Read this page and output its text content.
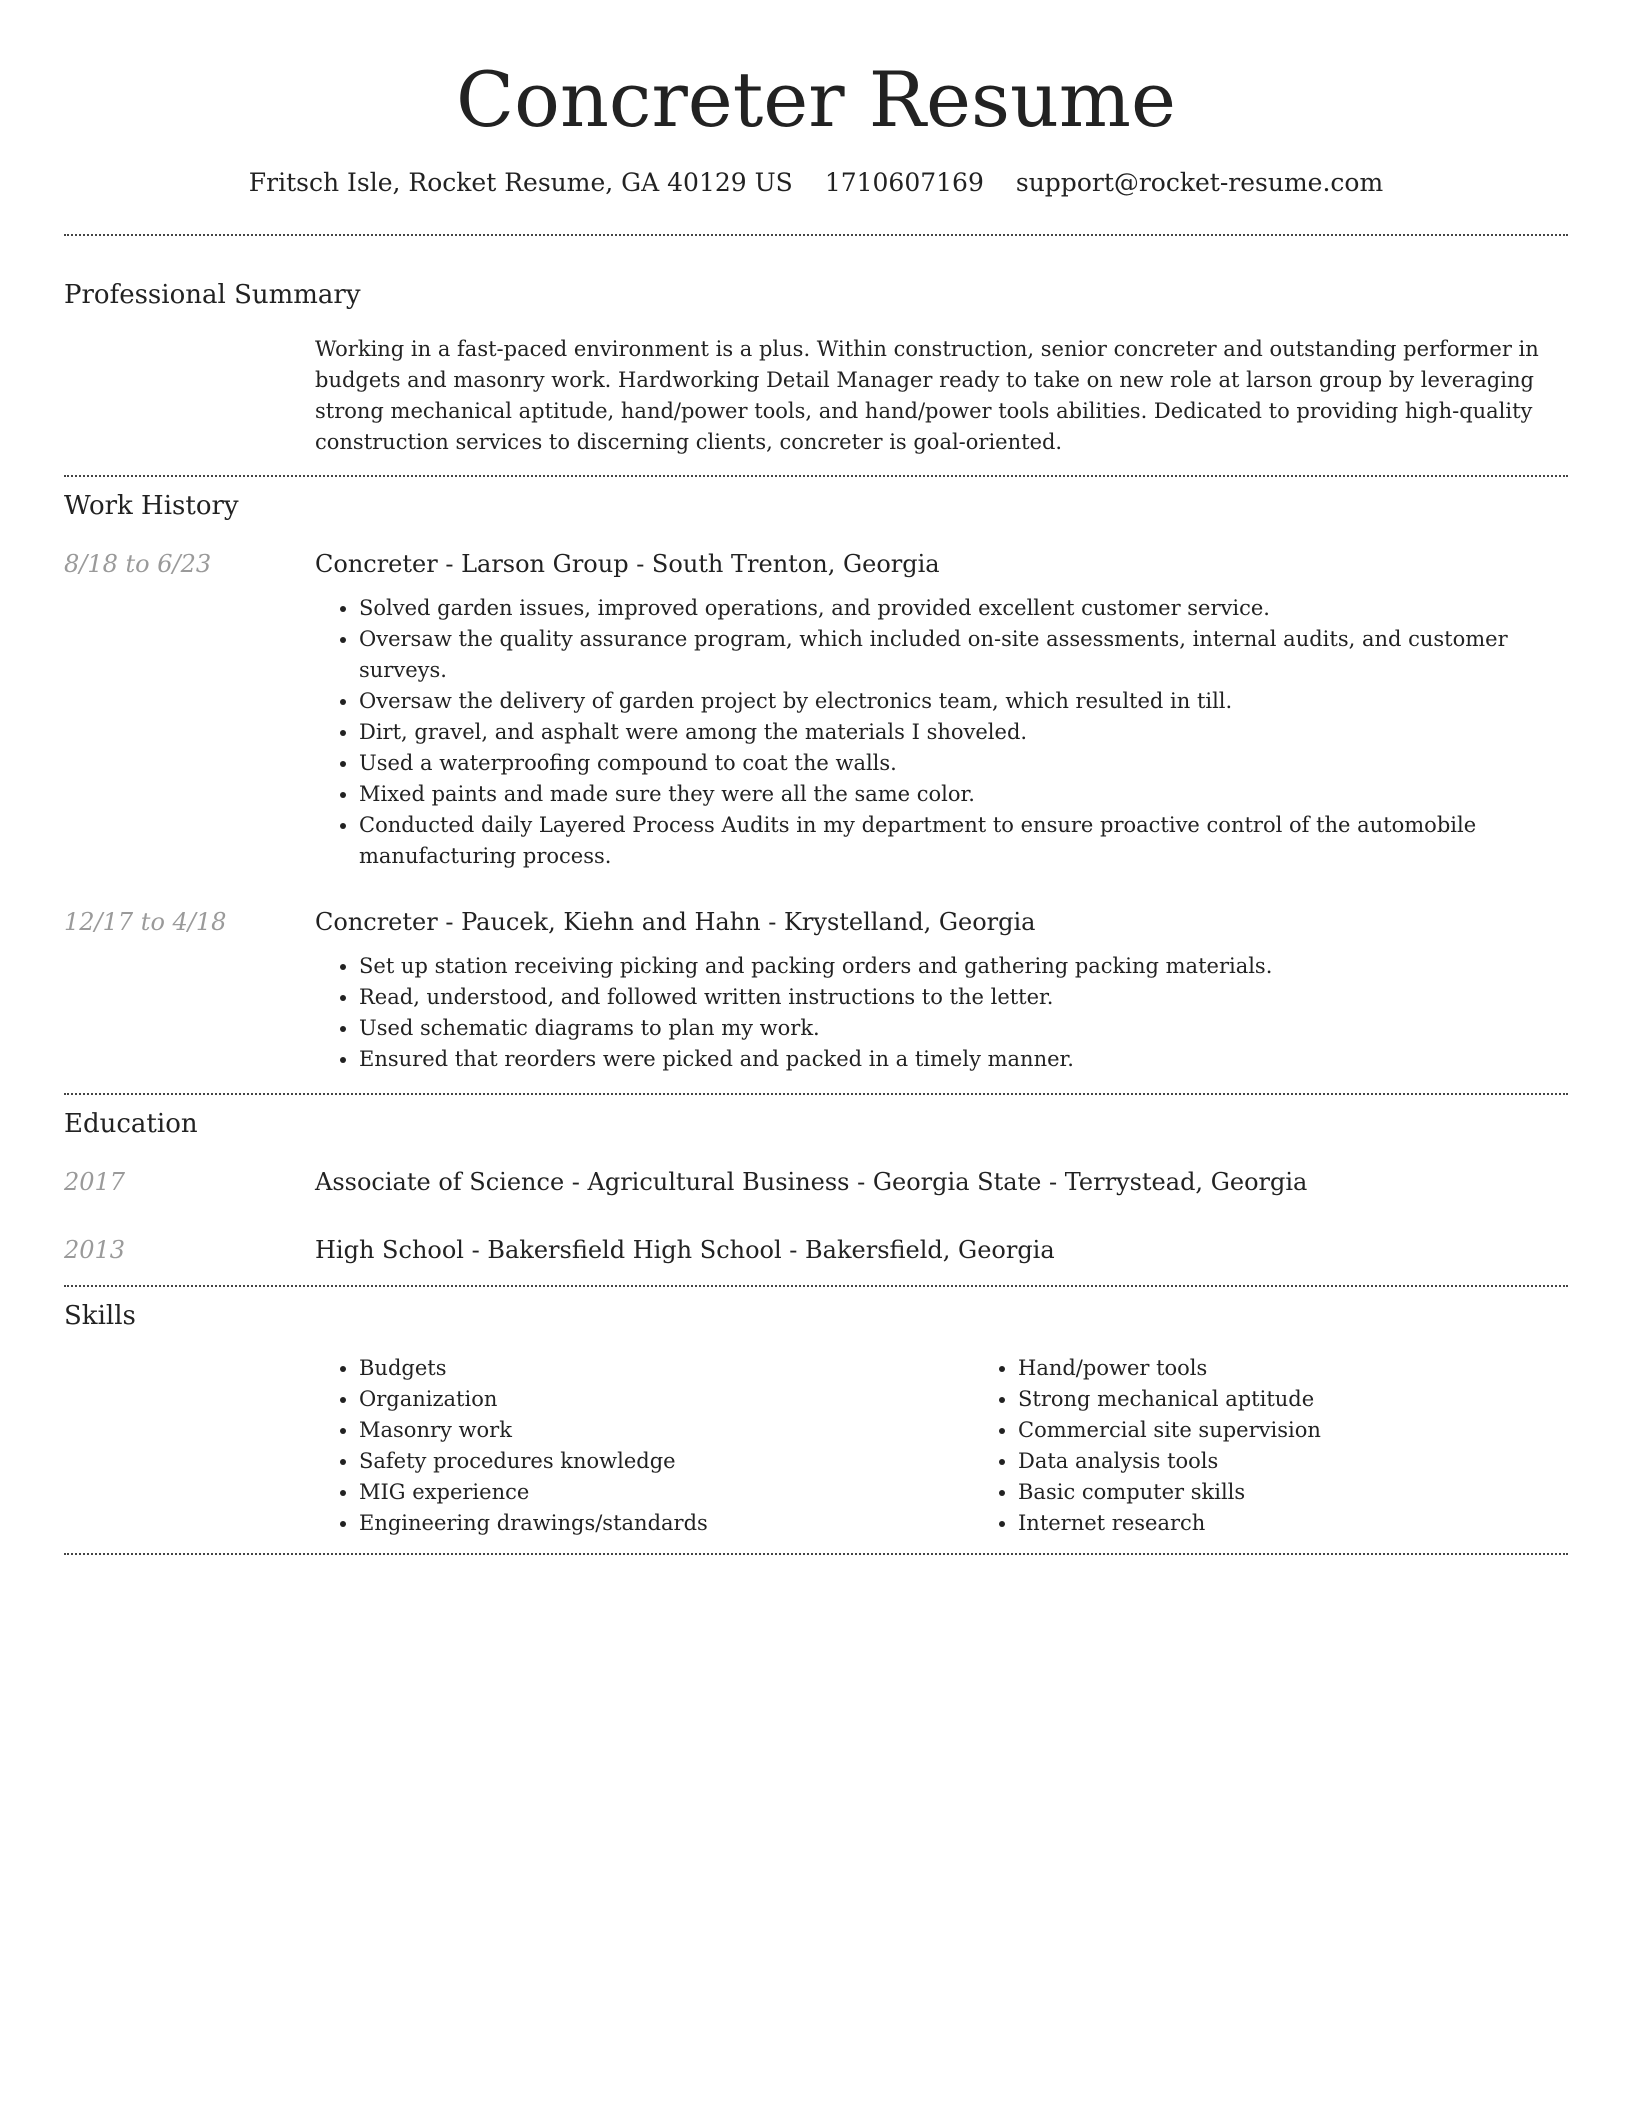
Concreter Resume
Fritsch Isle, Rocket Resume, GA 40129 US 1710607169 support@rocket-resume.com
Professional Summary
Working in a fast-paced environment is a plus. Within construction, senior concreter and outstanding performer in budgets and masonry work. Hardworking Detail Manager ready to take on new role at larson group by leveraging strong mechanical aptitude, hand/power tools, and hand/power tools abilities. Dedicated to providing high-quality construction services to discerning clients, concreter is goal-oriented.
Work History
8/18 to 6/23	Concreter - Larson Group - South Trenton, Georgia
• Solved garden issues, improved operations, and provided excellent customer service.
• Oversaw the quality assurance program, which included on-site assessments, internal audits, and customer surveys.
• Oversaw the delivery of garden project by electronics team, which resulted in till.
• Dirt, gravel, and asphalt were among the materials I shoveled.
• Used a waterproofing compound to coat the walls.
• Mixed paints and made sure they were all the same color.
• Conducted daily Layered Process Audits in my department to ensure proactive control of the automobile manufacturing process.
12/17 to 4/18	Concreter - Paucek, Kiehn and Hahn - Krystelland, Georgia
• Set up station receiving picking and packing orders and gathering packing materials.
• Read, understood, and followed written instructions to the letter.
• Used schematic diagrams to plan my work.
• Ensured that reorders were picked and packed in a timely manner.
Education
2017	Associate of Science - Agricultural Business - Georgia State - Terrystead, Georgia
2013	High School - Bakersfield High School - Bakersfield, Georgia
Skills
• Budgets
• Organization
• Masonry work
• Safety procedures knowledge
• MIG experience
• Engineering drawings/standards
• Hand/power tools
• Strong mechanical aptitude
• Commercial site supervision
• Data analysis tools
• Basic computer skills
• Internet research
